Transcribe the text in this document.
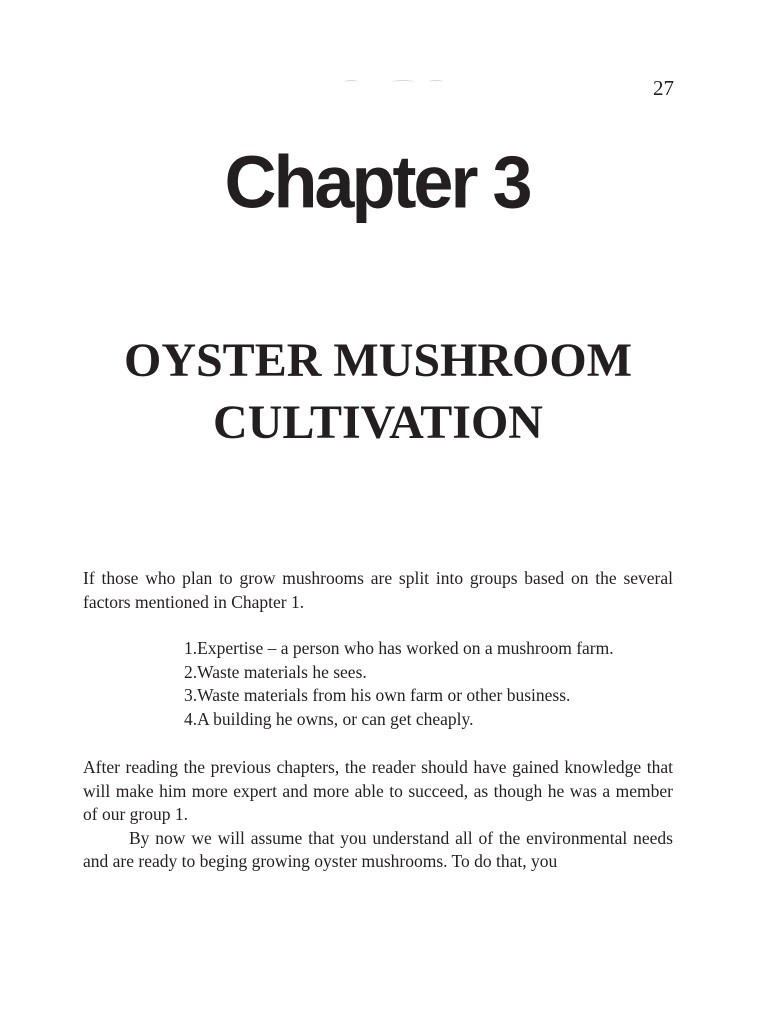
27
Chapter 3
OYSTER MUSHROOM
CULTIVATION

If those who plan to grow mushrooms are split into groups based on the several factors mentioned in Chapter 1.

1.Expertise – a person who has worked on a mushroom farm.
2.Waste materials he sees.
3.Waste materials from his own farm or other business.
4.A building he owns, or can get cheaply.

After reading the previous chapters, the reader should have gained knowledge that will make him more expert and more able to succeed, as though he was a member of our group 1.

By now we will assume that you understand all of the environmental needs and are ready to beging growing oyster mushrooms. To do that, you
